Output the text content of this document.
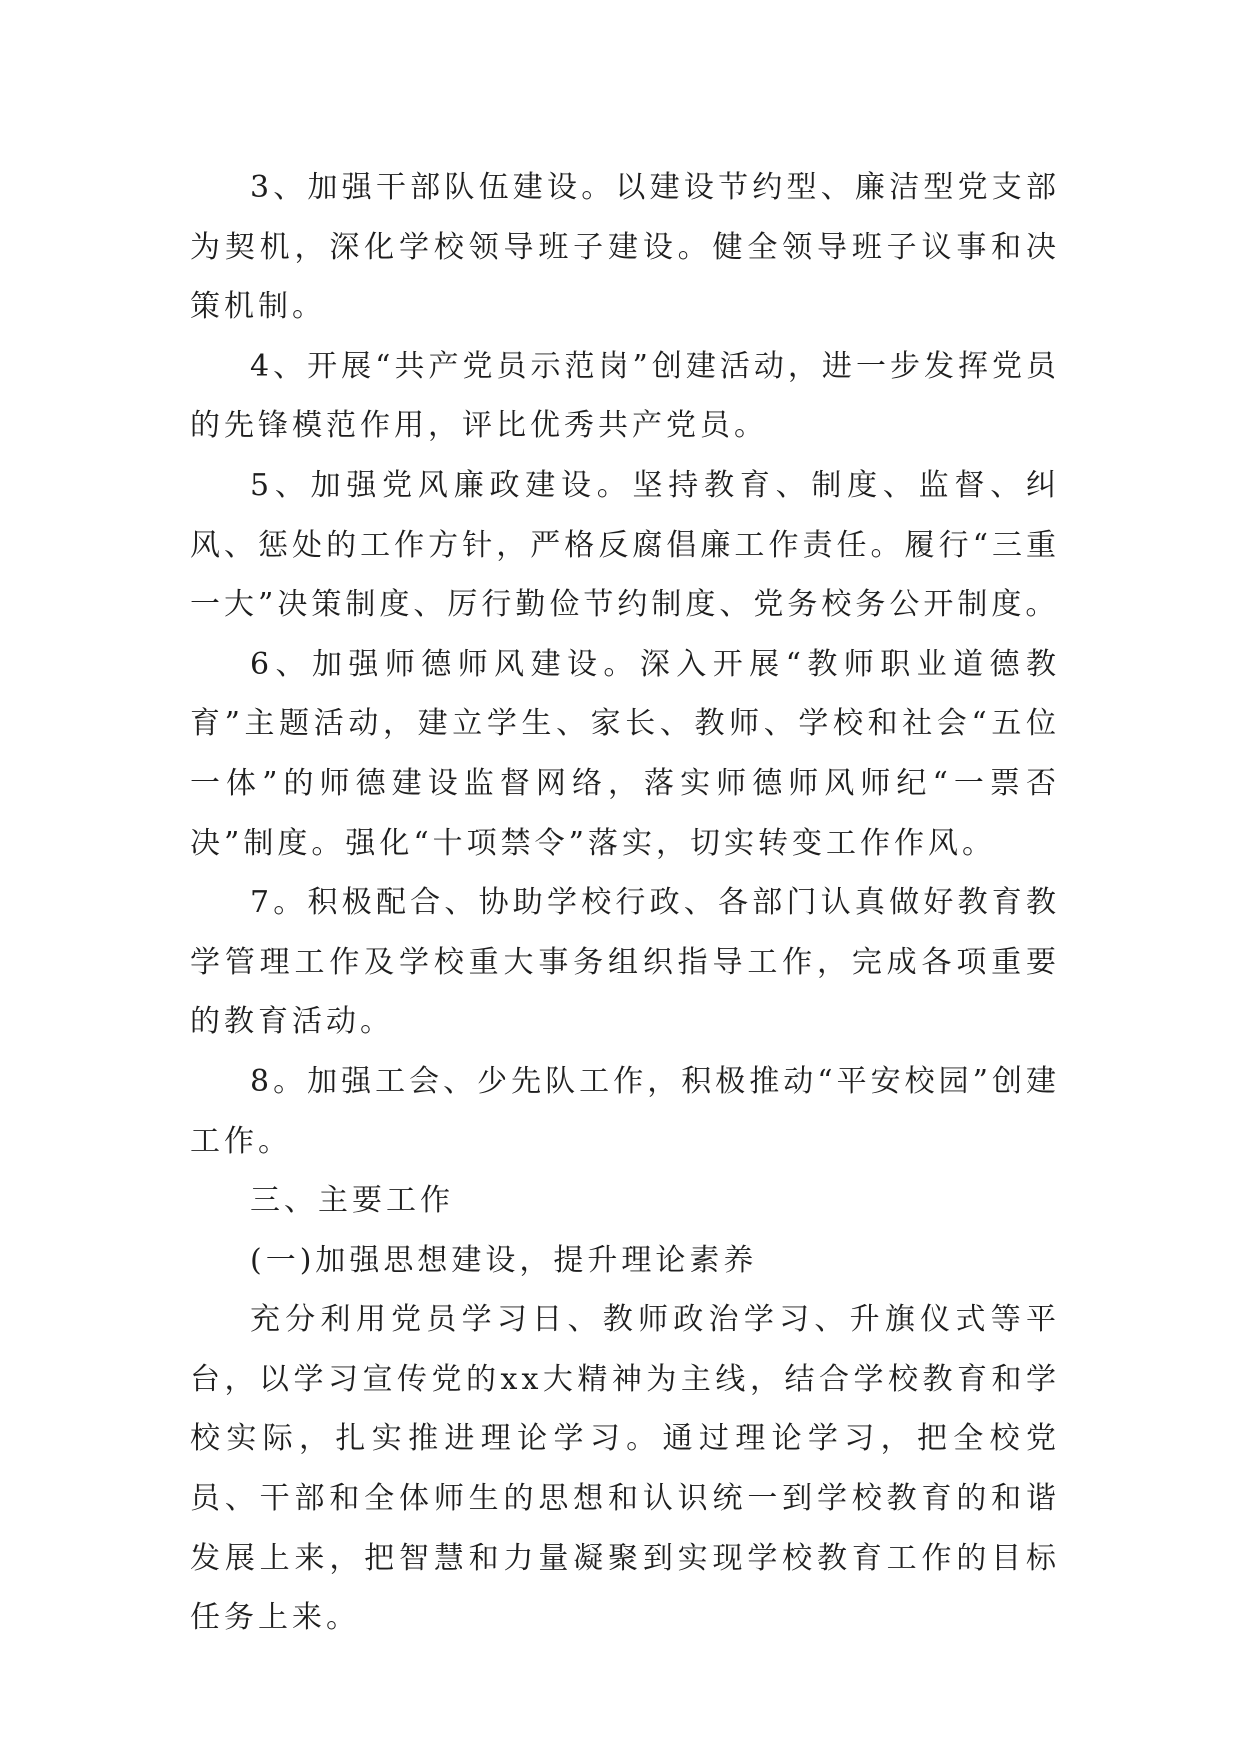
3、加强干部队伍建设。以建设节约型、廉洁型党支部为契机，深化学校领导班子建设。健全领导班子议事和决策机制。

4、开展“共产党员示范岗”创建活动，进一步发挥党员的先锋模范作用，评比优秀共产党员。

5、加强党风廉政建设。坚持教育、制度、监督、纠风、惩处的工作方针，严格反腐倡廉工作责任。履行“三重一大”决策制度、厉行勤俭节约制度、党务校务公开制度。

6、加强师德师风建设。深入开展“教师职业道德教育”主题活动，建立学生、家长、教师、学校和社会“五位一体”的师德建设监督网络，落实师德师风师纪“一票否决”制度。强化“十项禁令”落实，切实转变工作作风。

7。积极配合、协助学校行政、各部门认真做好教育教学管理工作及学校重大事务组织指导工作，完成各项重要的教育活动。

8。加强工会、少先队工作，积极推动“平安校园”创建工作。

三、主要工作

(一)加强思想建设，提升理论素养

充分利用党员学习日、教师政治学习、升旗仪式等平台，以学习宣传党的xx大精神为主线，结合学校教育和学校实际，扎实推进理论学习。通过理论学习，把全校党员、干部和全体师生的思想和认识统一到学校教育的和谐发展上来，把智慧和力量凝聚到实现学校教育工作的目标任务上来。
